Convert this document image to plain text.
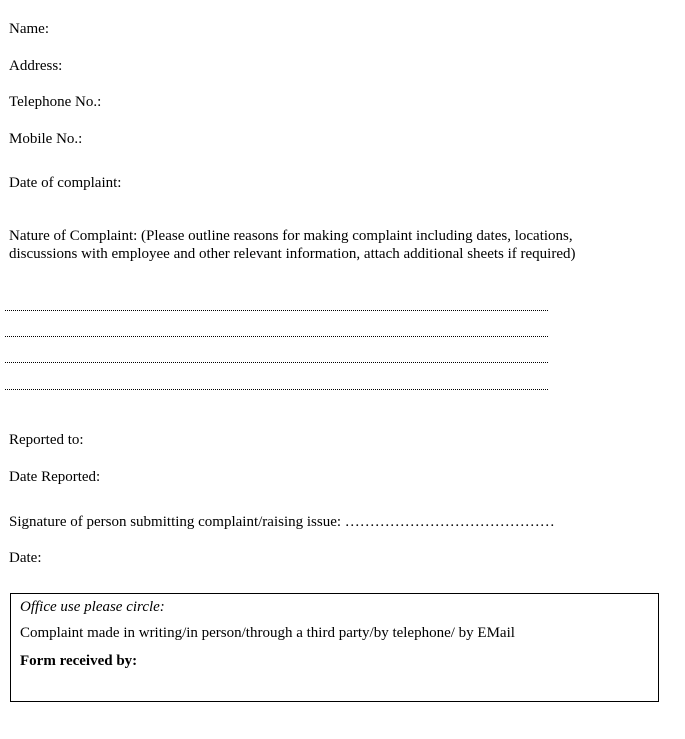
Name:
Address:
Telephone No.:
Mobile No.:
Date of complaint:
Nature of Complaint: (Please outline reasons for making complaint including dates, locations, discussions with employee and other relevant information, attach additional sheets if required)
Reported to:
Date Reported:
Signature of person submitting complaint/raising issue: ……………………………………
Date:
Office use please circle:
Complaint made in writing/in person/through a third party/by telephone/ by EMail
Form received by:
